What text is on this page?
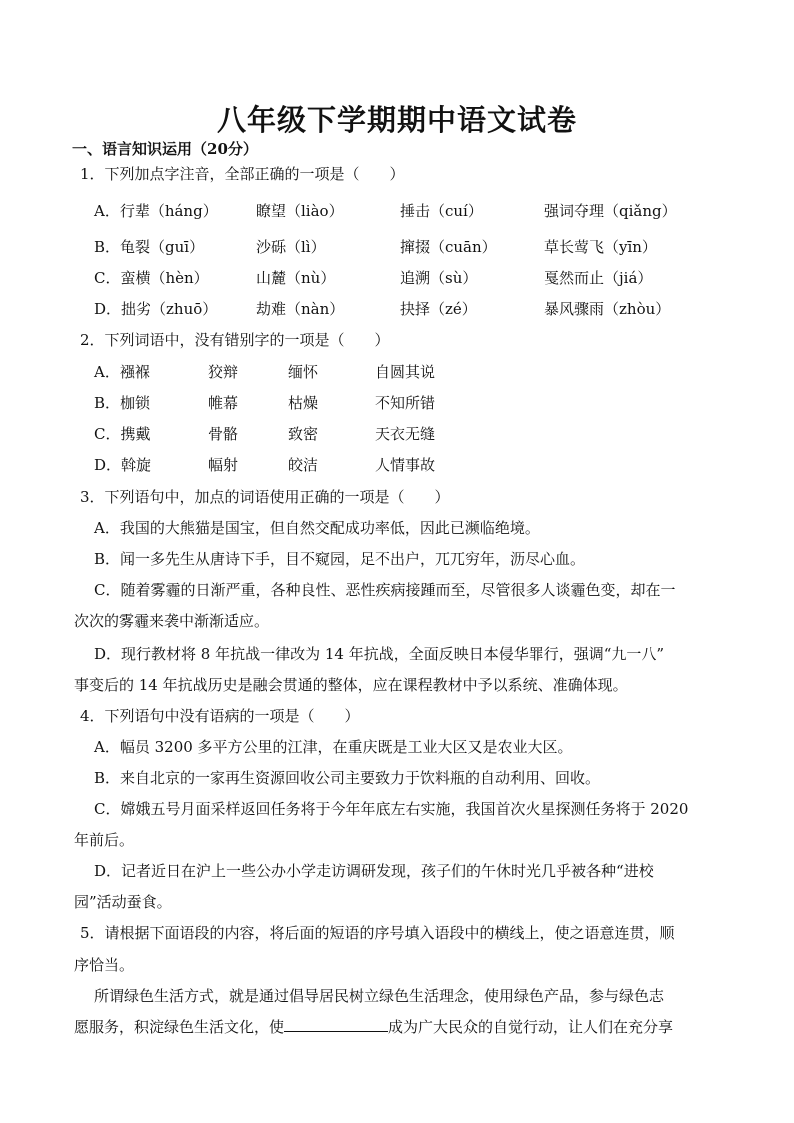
八年级下学期期中语文试卷
一、语言知识运用（20分）
1．下列加点字注音，全部正确的一项是（　　）
A．行辈（háng）	瞭望（liào）	捶击（cuí）	强词夺理（qiǎng）
B．龟裂（guī）	沙砾（lì）	撺掇（cuān）	草长莺飞（yīn）
C．蛮横（hèn）	山麓（nù）	追溯（sù）	戛然而止（jiá）
D．拙劣（zhuō）	劫难（nàn）	抉择（zé）	暴风骤雨（zhòu）
2．下列词语中，没有错别字的一项是（　　）
A．襁褓	狡辩	缅怀	自圆其说
B．枷锁	帷幕	枯燥	不知所错
C．携戴	骨骼	致密	天衣无缝
D．斡旋	幅射	皎洁	人情事故
3．下列语句中，加点的词语使用正确的一项是（　　）
A．我国的大熊猫是国宝，但自然交配成功率低，因此已濒临绝境。
B．闻一多先生从唐诗下手，目不窥园，足不出户，兀兀穷年，沥尽心血。
C．随着雾霾的日渐严重，各种良性、恶性疾病接踵而至，尽管很多人谈霾色变，却在一
次次的雾霾来袭中渐渐适应。
D．现行教材将 8 年抗战一律改为 14 年抗战，全面反映日本侵华罪行，强调“九一八”
事变后的 14 年抗战历史是融会贯通的整体，应在课程教材中予以系统、准确体现。
4．下列语句中没有语病的一项是（　　）
A．幅员 3200 多平方公里的江津，在重庆既是工业大区又是农业大区。
B．来自北京的一家再生资源回收公司主要致力于饮料瓶的自动利用、回收。
C．嫦娥五号月面采样返回任务将于今年年底左右实施，我国首次火星探测任务将于 2020
年前后。
D．记者近日在沪上一些公办小学走访调研发现，孩子们的午休时光几乎被各种“进校
园”活动蚕食。
5．请根据下面语段的内容，将后面的短语的序号填入语段中的横线上，使之语意连贯，顺
序恰当。
所谓绿色生活方式，就是通过倡导居民树立绿色生活理念，使用绿色产品，参与绿色志
愿服务，积淀绿色生活文化，使	成为广大民众的自觉行动，让人们在充分享
